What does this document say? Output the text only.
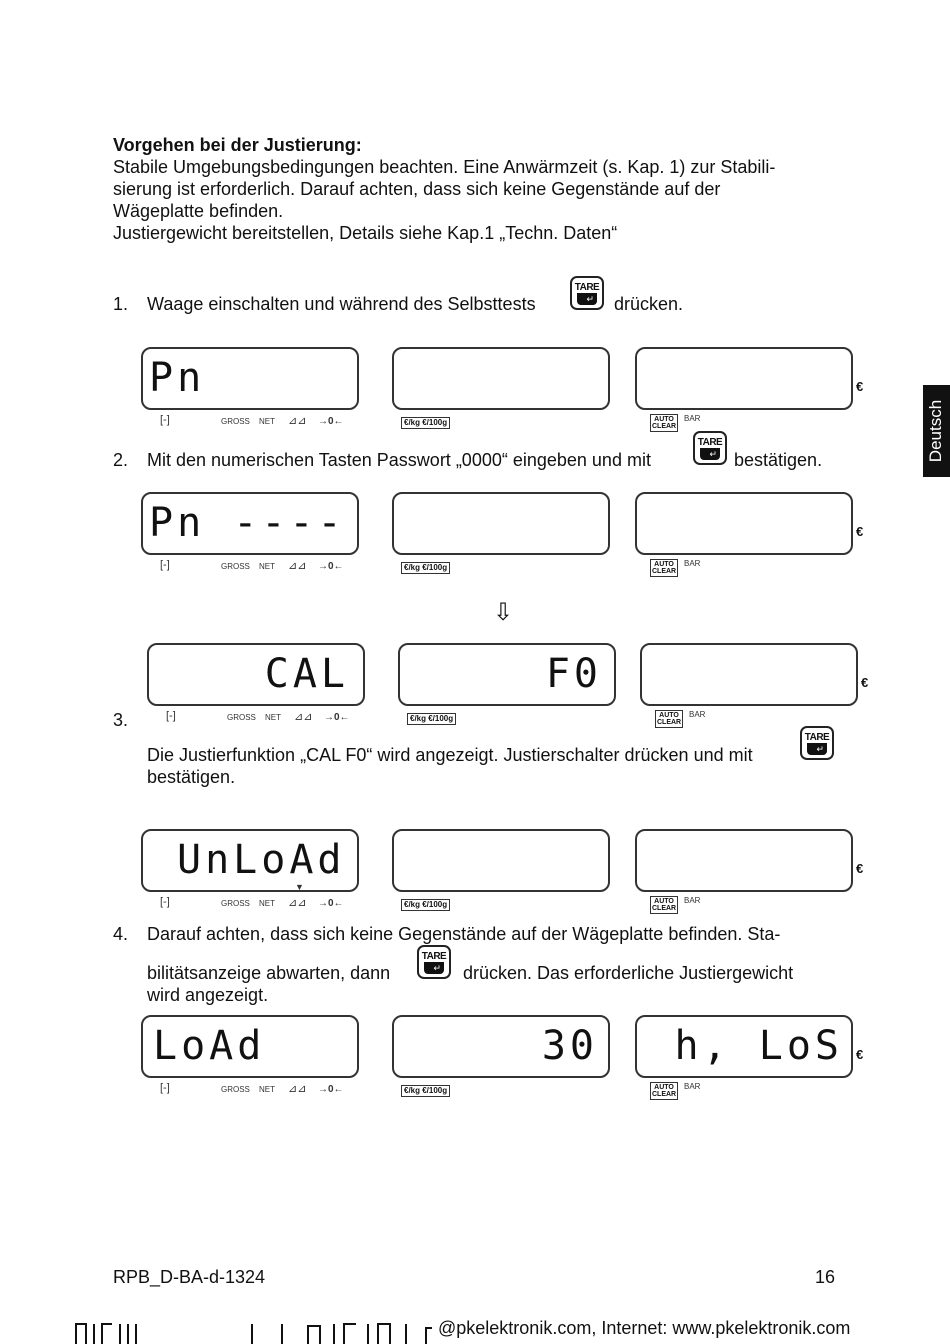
Deutsch
Vorgehen bei der Justierung:
Stabile Umgebungsbedingungen beachten. Eine Anwärmzeit (s. Kap. 1) zur Stabili-
sierung ist erforderlich. Darauf achten, dass sich keine Gegenstände auf der
Wägeplatte befinden.
Justiergewicht bereitstellen, Details siehe Kap.1 „Techn. Daten“
1. Waage einschalten und während des Selbsttests
TARE
↵ drücken.
Pn	€
[-]	GROSS NET ⊿⊿ →0←	€/kg €/100g	AUTO
CLEAR
BAR
2. Mit den numerischen Tasten Passwort „0000“ eingeben und mit
TARE
↵ bestätigen.
Pn ----	€
[-]	GROSS NET ⊿⊿ →0←	€/kg €/100g	AUTO
CLEAR
BAR
⇩
CAL	F0	€
[-]	GROSS NET ⊿⊿ →0←	€/kg €/100g	AUTO
CLEAR
BAR
3.
Die Justierfunktion „CAL F0“ wird angezeigt. Justierschalter drücken und mit
TARE
↵
bestätigen.
UnLoAd
▼
€
[-]	GROSS NET ⊿⊿ →0←	€/kg €/100g	AUTO
CLEAR
BAR
4. Darauf achten, dass sich keine Gegenstände auf der Wägeplatte befinden. Sta-
bilitätsanzeige abwarten, dann
TARE
↵ drücken. Das erforderliche Justiergewicht
wird angezeigt.
LoAd	30 h, LoS €
[-]	GROSS NET ⊿⊿ →0←	€/kg €/100g	AUTO
CLEAR
BAR
RPB_D-BA-d-1324	16
@pkelektronik.com, Internet: www.pkelektronik.com
